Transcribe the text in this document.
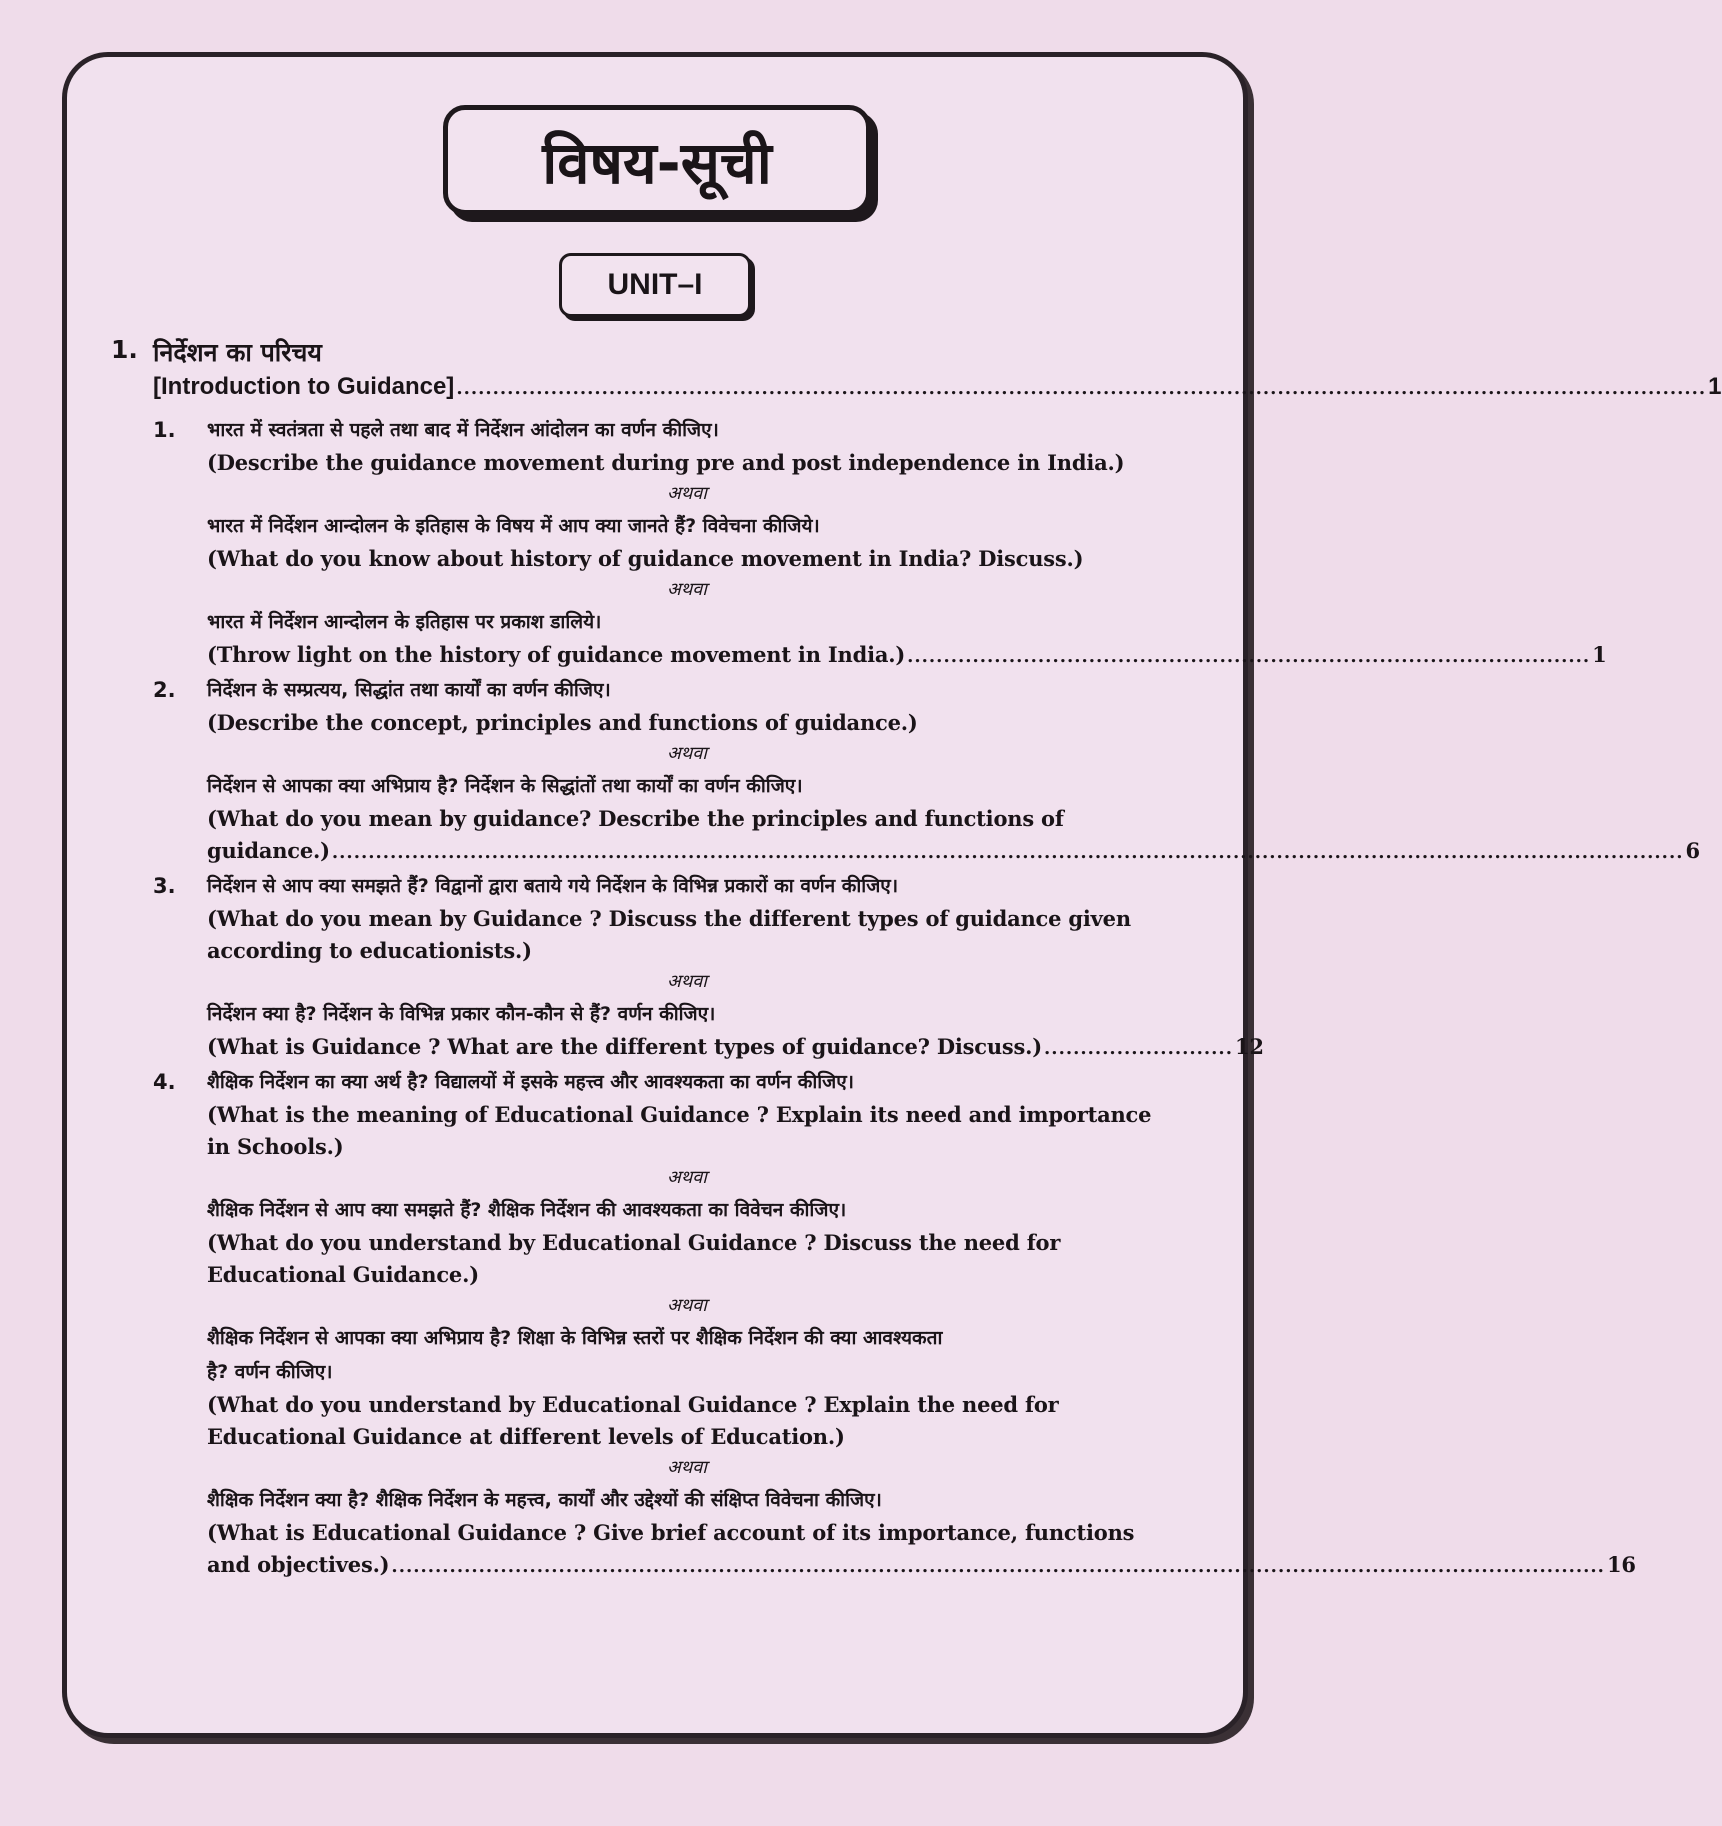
विषय-सूची
UNIT–I
1. निर्देशन का परिचय
[Introduction to Guidance] ............................................................................................................................................................................ 1
1. भारत में स्वतंत्रता से पहले तथा बाद में निर्देशन आंदोलन का वर्णन कीजिए।
(Describe the guidance movement during pre and post independence in India.)
अथवा
भारत में निर्देशन आन्दोलन के इतिहास के विषय में आप क्या जानते हैं? विवेचना कीजिये।
(What do you know about history of guidance movement in India? Discuss.)
अथवा
भारत में निर्देशन आन्दोलन के इतिहास पर प्रकाश डालिये।
(Throw light on the history of guidance movement in India.) .............................................................................................. 1
2. निर्देशन के सम्प्रत्यय, सिद्धांत तथा कार्यों का वर्णन कीजिए।
(Describe the concept, principles and functions of guidance.)
अथवा
निर्देशन से आपका क्या अभिप्राय है? निर्देशन के सिद्धांतों तथा कार्यों का वर्णन कीजिए।
(What do you mean by guidance? Describe the principles and functions of
guidance.) .......................................................................................................................................................................................... 6
3. निर्देशन से आप क्या समझते हैं? विद्वानों द्वारा बताये गये निर्देशन के विभिन्न प्रकारों का वर्णन कीजिए।
(What do you mean by Guidance ? Discuss the different types of guidance given
according to educationists.)
अथवा
निर्देशन क्या है? निर्देशन के विभिन्न प्रकार कौन-कौन से हैं? वर्णन कीजिए।
(What is Guidance ? What are the different types of guidance? Discuss.) .......................... 12
4. शैक्षिक निर्देशन का क्या अर्थ है? विद्यालयों में इसके महत्त्व और आवश्यकता का वर्णन कीजिए।
(What is the meaning of Educational Guidance ? Explain its need and importance
in Schools.)
अथवा
शैक्षिक निर्देशन से आप क्या समझते हैं? शैक्षिक निर्देशन की आवश्यकता का विवेचन कीजिए।
(What do you understand by Educational Guidance ? Discuss the need for
Educational Guidance.)
अथवा
शैक्षिक निर्देशन से आपका क्या अभिप्राय है? शिक्षा के विभिन्न स्तरों पर शैक्षिक निर्देशन की क्या आवश्यकता
है? वर्णन कीजिए।
(What do you understand by Educational Guidance ? Explain the need for
Educational Guidance at different levels of Education.)
अथवा
शैक्षिक निर्देशन क्या है? शैक्षिक निर्देशन के महत्त्व, कार्यों और उद्देश्यों की संक्षिप्त विवेचना कीजिए।
(What is Educational Guidance ? Give brief account of its importance, functions
and objectives.) ....................................................................................................................................................................... 16
